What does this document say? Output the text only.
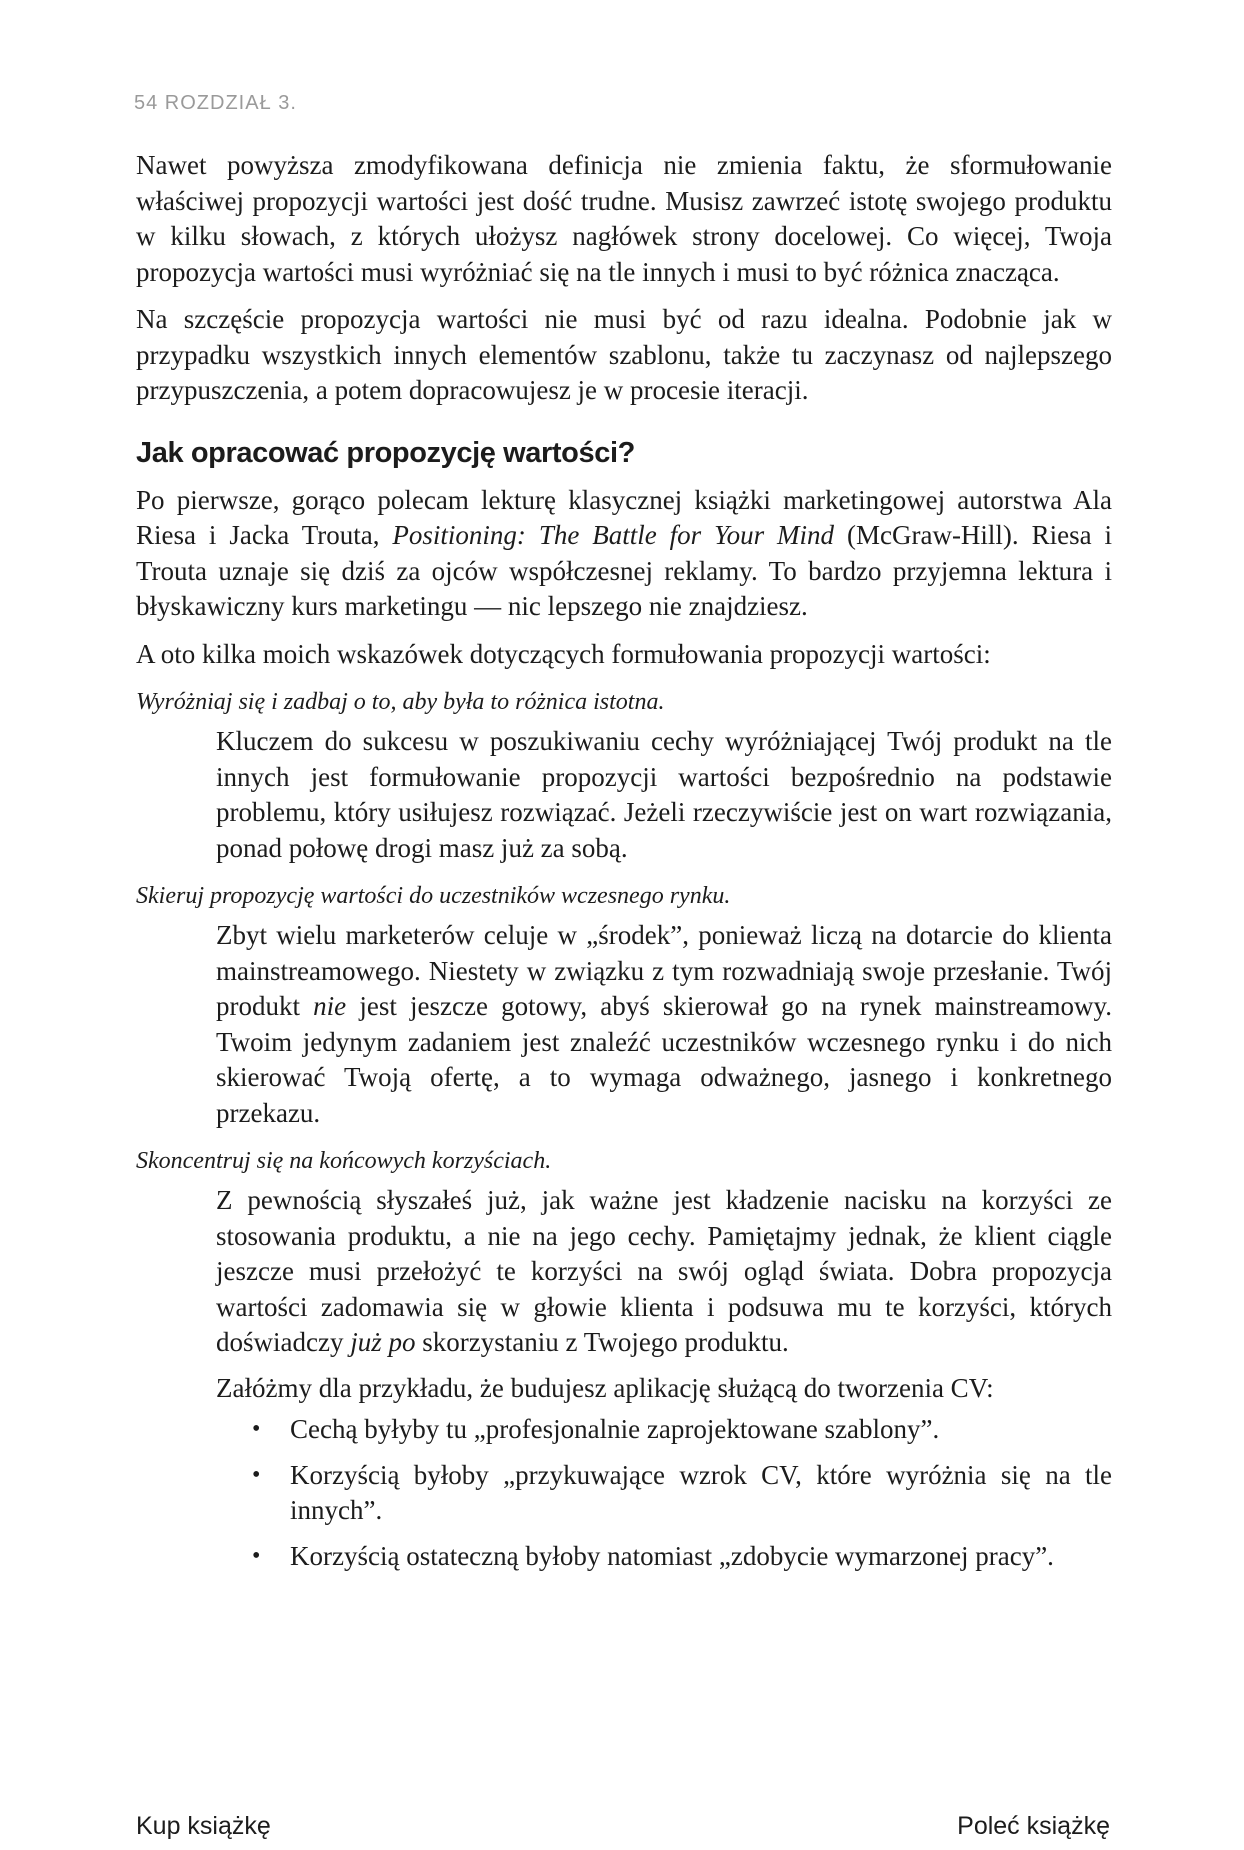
54 ROZDZIAŁ 3.

Nawet powyższa zmodyfikowana definicja nie zmienia faktu, że sformułowanie właściwej propozycji wartości jest dość trudne. Musisz zawrzeć istotę swojego produktu w kilku słowach, z których ułożysz nagłówek strony docelowej. Co więcej, Twoja propozycja wartości musi wyróżniać się na tle innych i musi to być różnica znacząca.

Na szczęście propozycja wartości nie musi być od razu idealna. Podobnie jak w przypadku wszystkich innych elementów szablonu, także tu zaczynasz od najlepszego przypuszczenia, a potem dopracowujesz je w procesie iteracji.

Jak opracować propozycję wartości?

Po pierwsze, gorąco polecam lekturę klasycznej książki marketingowej autorstwa Ala Riesa i Jacka Trouta, Positioning: The Battle for Your Mind (McGraw-Hill). Riesa i Trouta uznaje się dziś za ojców współczesnej reklamy. To bardzo przyjemna lektura i błyskawiczny kurs marketingu — nic lepszego nie znajdziesz.

A oto kilka moich wskazówek dotyczących formułowania propozycji wartości:

Wyróżniaj się i zadbaj o to, aby była to różnica istotna.

Kluczem do sukcesu w poszukiwaniu cechy wyróżniającej Twój produkt na tle innych jest formułowanie propozycji wartości bezpośrednio na podstawie problemu, który usiłujesz rozwiązać. Jeżeli rzeczywiście jest on wart rozwiązania, ponad połowę drogi masz już za sobą.

Skieruj propozycję wartości do uczestników wczesnego rynku.

Zbyt wielu marketerów celuje w „środek”, ponieważ liczą na dotarcie do klienta mainstreamowego. Niestety w związku z tym rozwadniają swoje przesłanie. Twój produkt nie jest jeszcze gotowy, abyś skierował go na rynek mainstreamowy. Twoim jedynym zadaniem jest znaleźć uczestników wczesnego rynku i do nich skierować Twoją ofertę, a to wymaga odważnego, jasnego i konkretnego przekazu.

Skoncentruj się na końcowych korzyściach.

Z pewnością słyszałeś już, jak ważne jest kładzenie nacisku na korzyści ze stosowania produktu, a nie na jego cechy. Pamiętajmy jednak, że klient ciągle jeszcze musi przełożyć te korzyści na swój ogląd świata. Dobra propozycja wartości zadomawia się w głowie klienta i podsuwa mu te korzyści, których doświadczy już po skorzystaniu z Twojego produktu.

Załóżmy dla przykładu, że budujesz aplikację służącą do tworzenia CV:

• Cechą byłyby tu „profesjonalnie zaprojektowane szablony”.
• Korzyścią byłoby „przykuwające wzrok CV, które wyróżnia się na tle innych”.
• Korzyścią ostateczną byłoby natomiast „zdobycie wymarzonej pracy”.
Kup książkę	Poleć książkę
